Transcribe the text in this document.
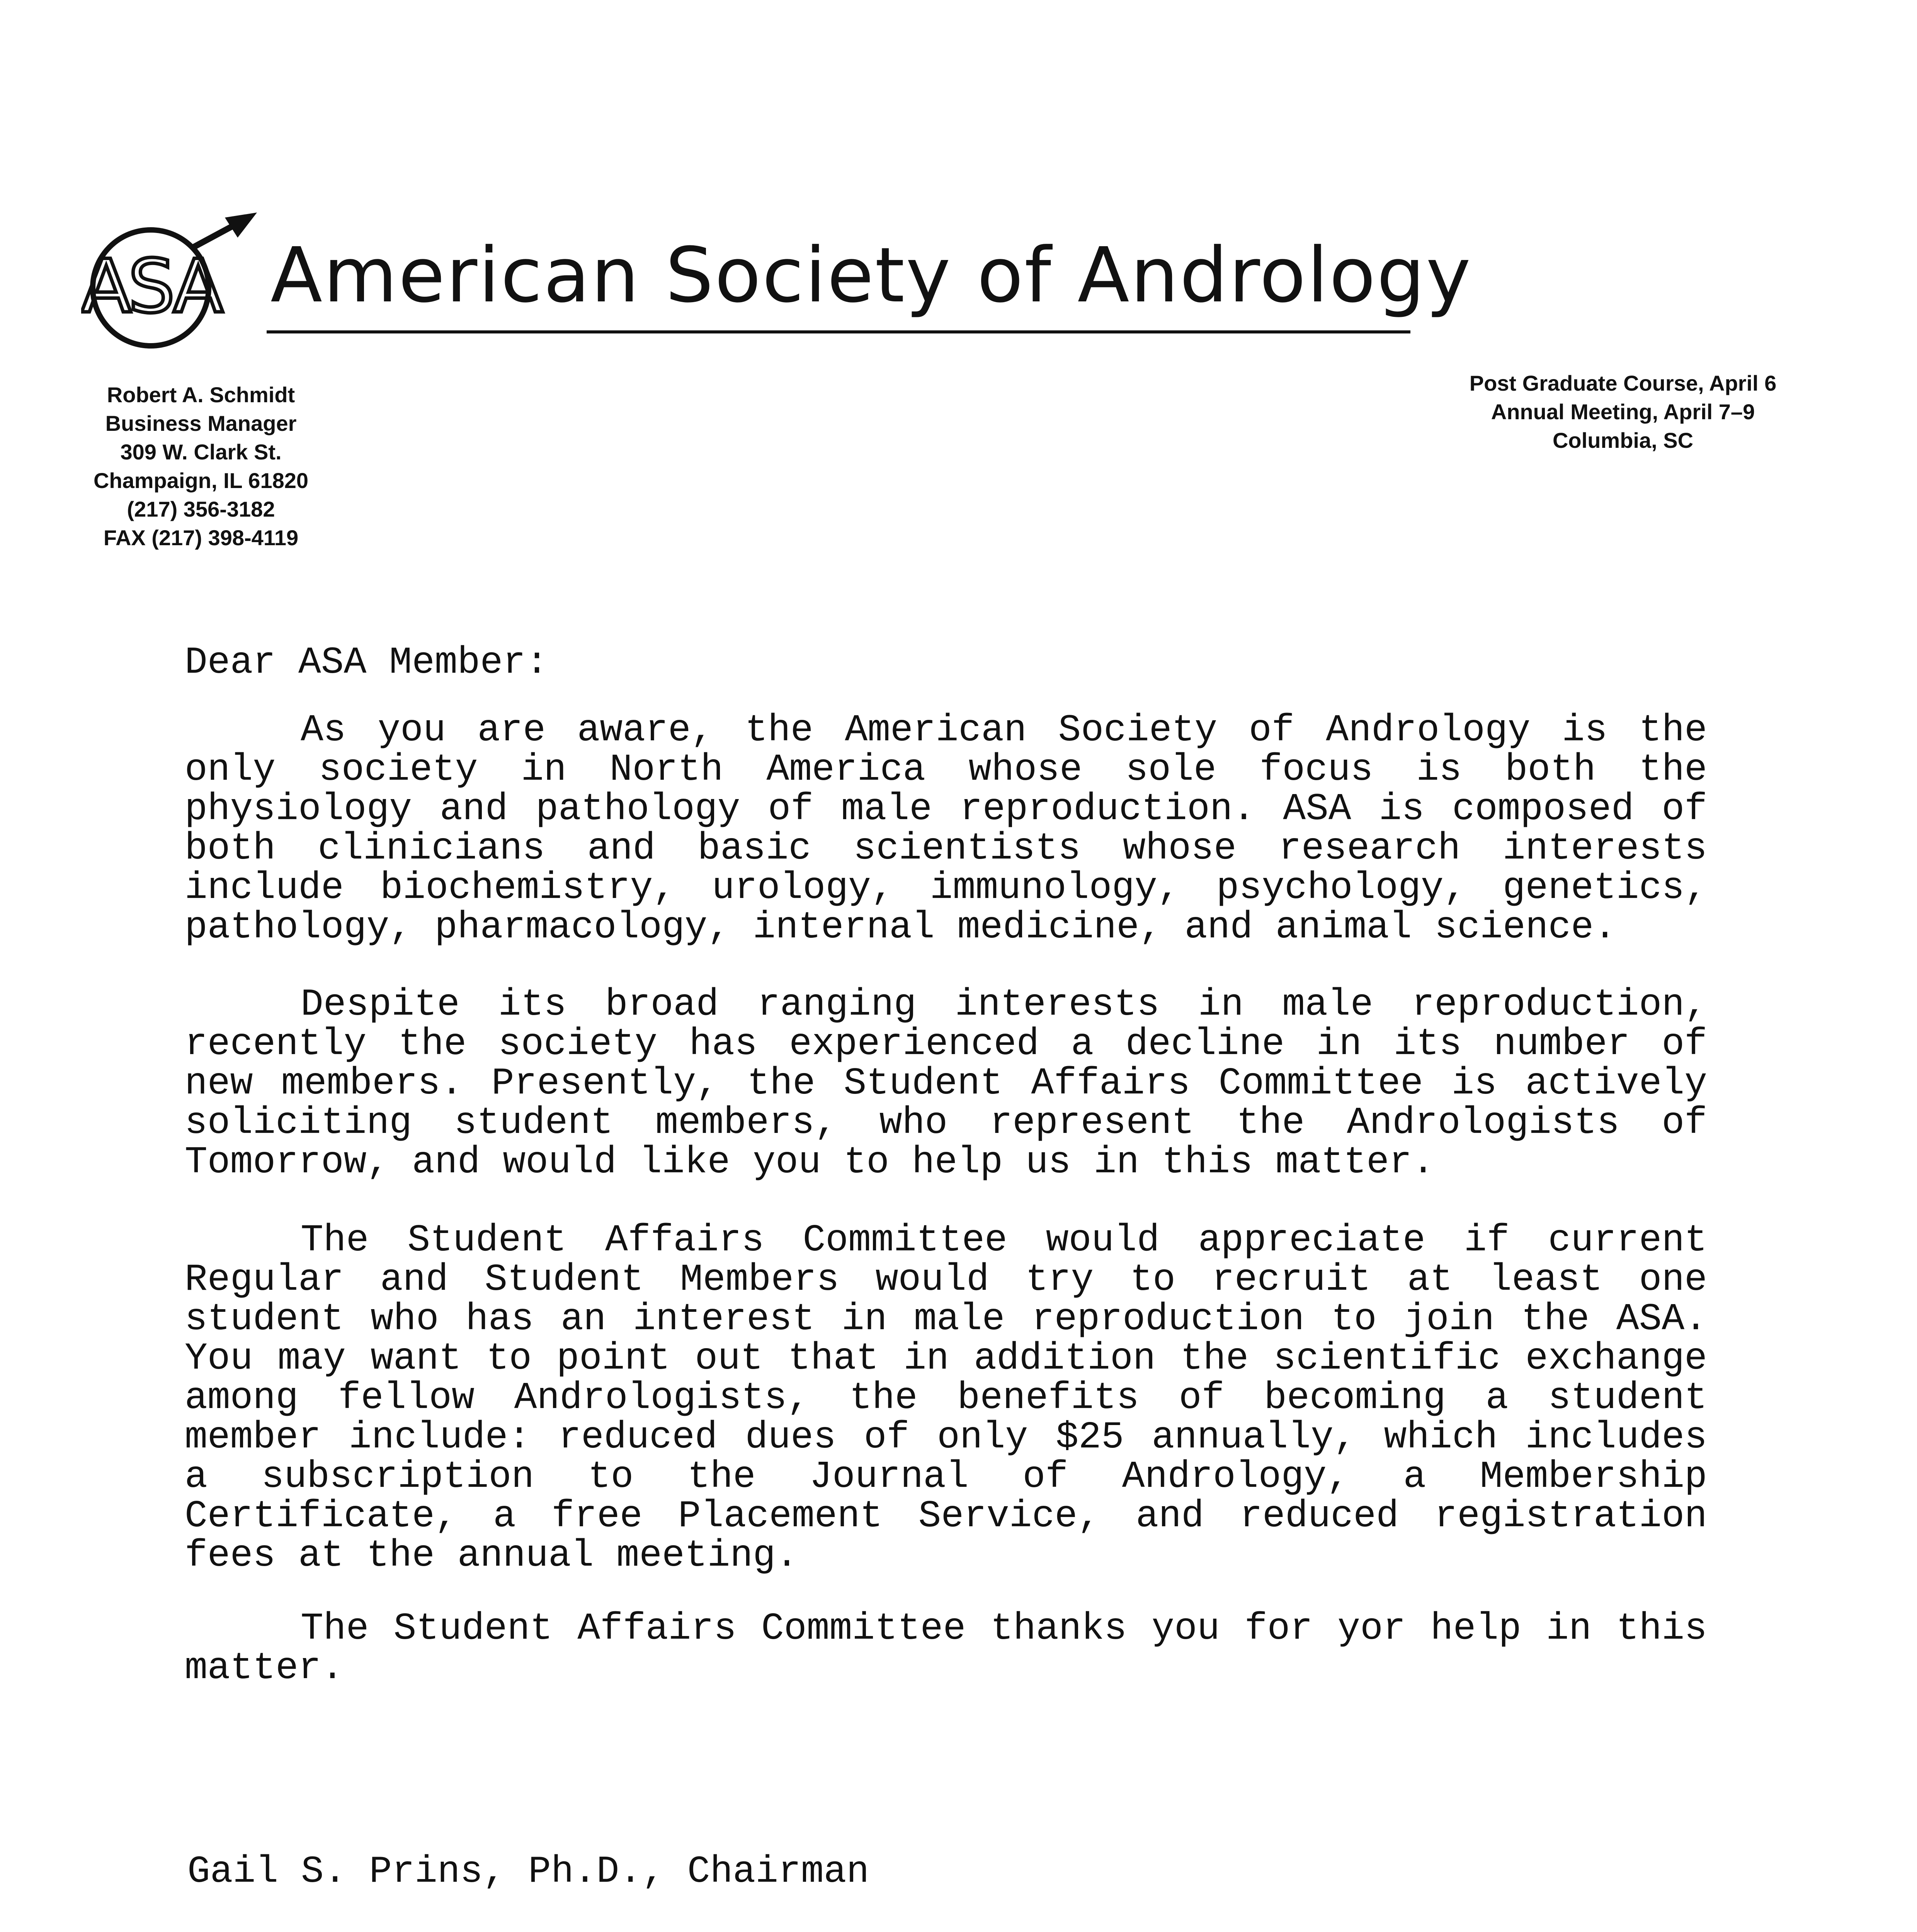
ASA American Society of Andrology
Robert A. Schmidt
Business Manager
309 W. Clark St.
Champaign, IL 61820
(217) 356-3182
FAX (217) 398-4119
Post Graduate Course, April 6
Annual Meeting, April 7–9
Columbia, SC
Dear ASA Member:
As you are aware, the American Society of Andrology is the only society in North America whose sole focus is both the physiology and pathology of male reproduction. ASA is composed of both clinicians and basic scientists whose research interests include biochemistry, urology, immunology, psychology, genetics, pathology, pharmacology, internal medicine, and animal science.
Despite its broad ranging interests in male reproduction, recently the society has experienced a decline in its number of new members. Presently, the Student Affairs Committee is actively soliciting student members, who represent the Andrologists of Tomorrow, and would like you to help us in this matter.
The Student Affairs Committee would appreciate if current Regular and Student Members would try to recruit at least one student who has an interest in male reproduction to join the ASA. You may want to point out that in addition the scientific exchange among fellow Andrologists, the benefits of becoming a student member include: reduced dues of only $25 annually, which includes a subscription to the Journal of Andrology, a Membership Certificate, a free Placement Service, and reduced registration fees at the annual meeting.
The Student Affairs Committee thanks you for yor help in this matter.

Gail S. Prins, Ph.D., Chairman
